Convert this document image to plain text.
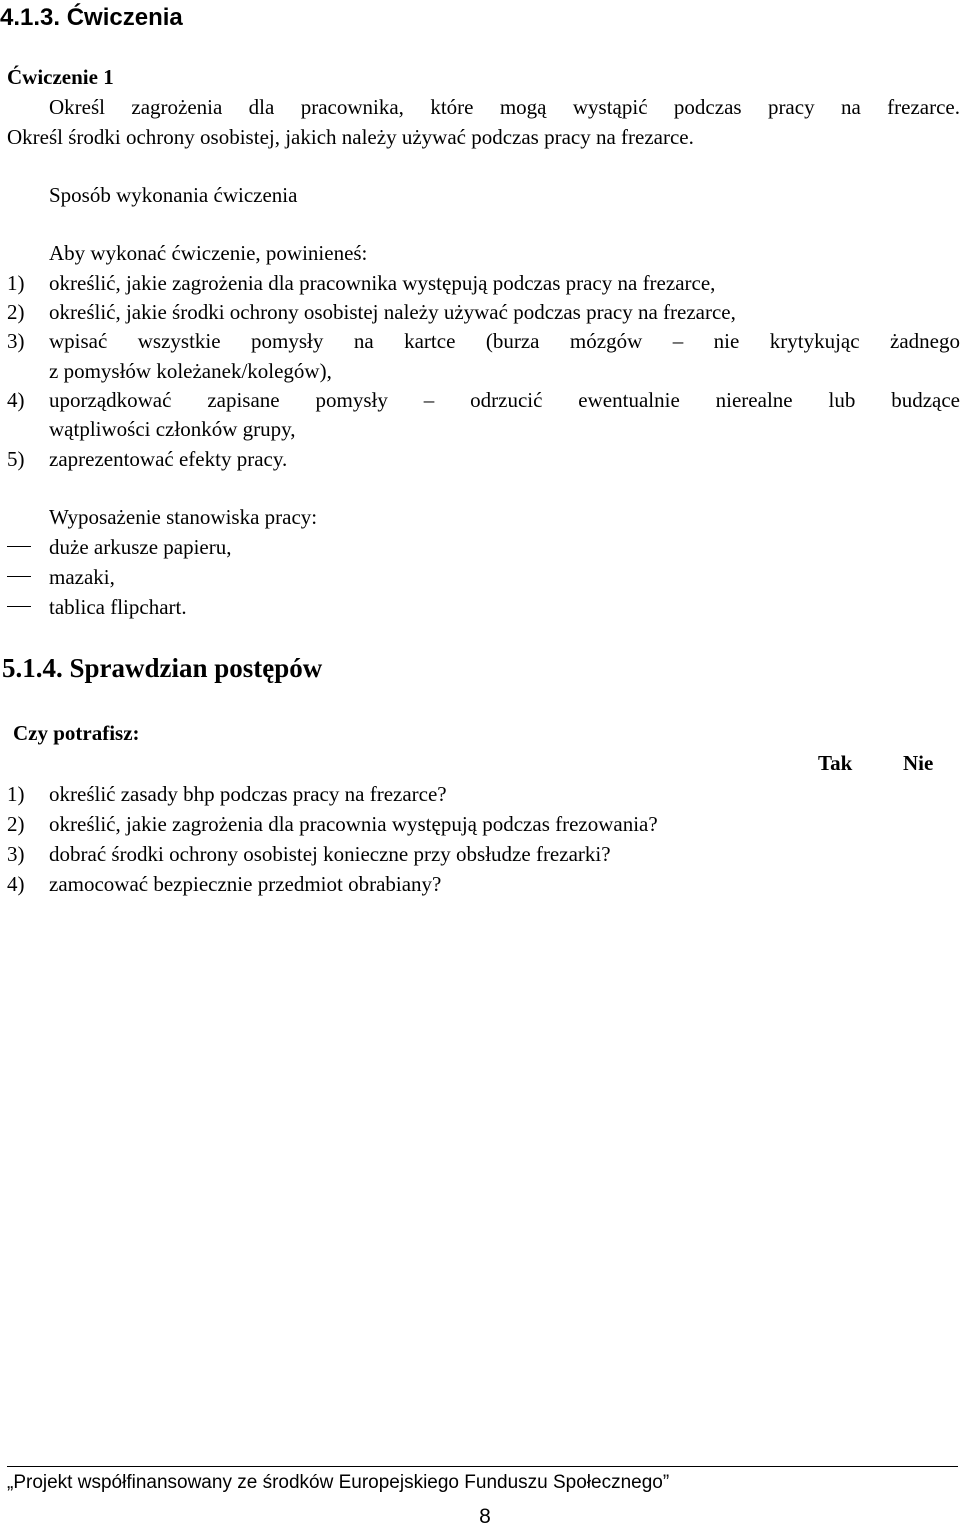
4.1.3. Ćwiczenia
Ćwiczenie 1
Określ zagrożenia dla pracownika, które mogą wystąpić podczas pracy na frezarce.
Określ środki ochrony osobistej, jakich należy używać podczas pracy na frezarce.
Sposób wykonania ćwiczenia
Aby wykonać ćwiczenie, powinieneś:
1) określić, jakie zagrożenia dla pracownika występują podczas pracy na frezarce,
2) określić, jakie środki ochrony osobistej należy używać podczas pracy na frezarce,
3) wpisać wszystkie pomysły na kartce (burza mózgów – nie krytykując żadnego
z pomysłów koleżanek/kolegów),
4) uporządkować zapisane pomysły – odrzucić ewentualnie nierealne lub budzące
wątpliwości członków grupy,
5) zaprezentować efekty pracy.
Wyposażenie stanowiska pracy:
duże arkusze papieru,
mazaki,
tablica flipchart.
5.1.4. Sprawdzian postępów
Czy potrafisz:
Tak Nie
1) określić zasady bhp podczas pracy na frezarce?
2) określić, jakie zagrożenia dla pracownia występują podczas frezowania?
3) dobrać środki ochrony osobistej konieczne przy obsłudze frezarki?
4) zamocować bezpiecznie przedmiot obrabiany?
„Projekt współfinansowany ze środków Europejskiego Funduszu Społecznego”
8
